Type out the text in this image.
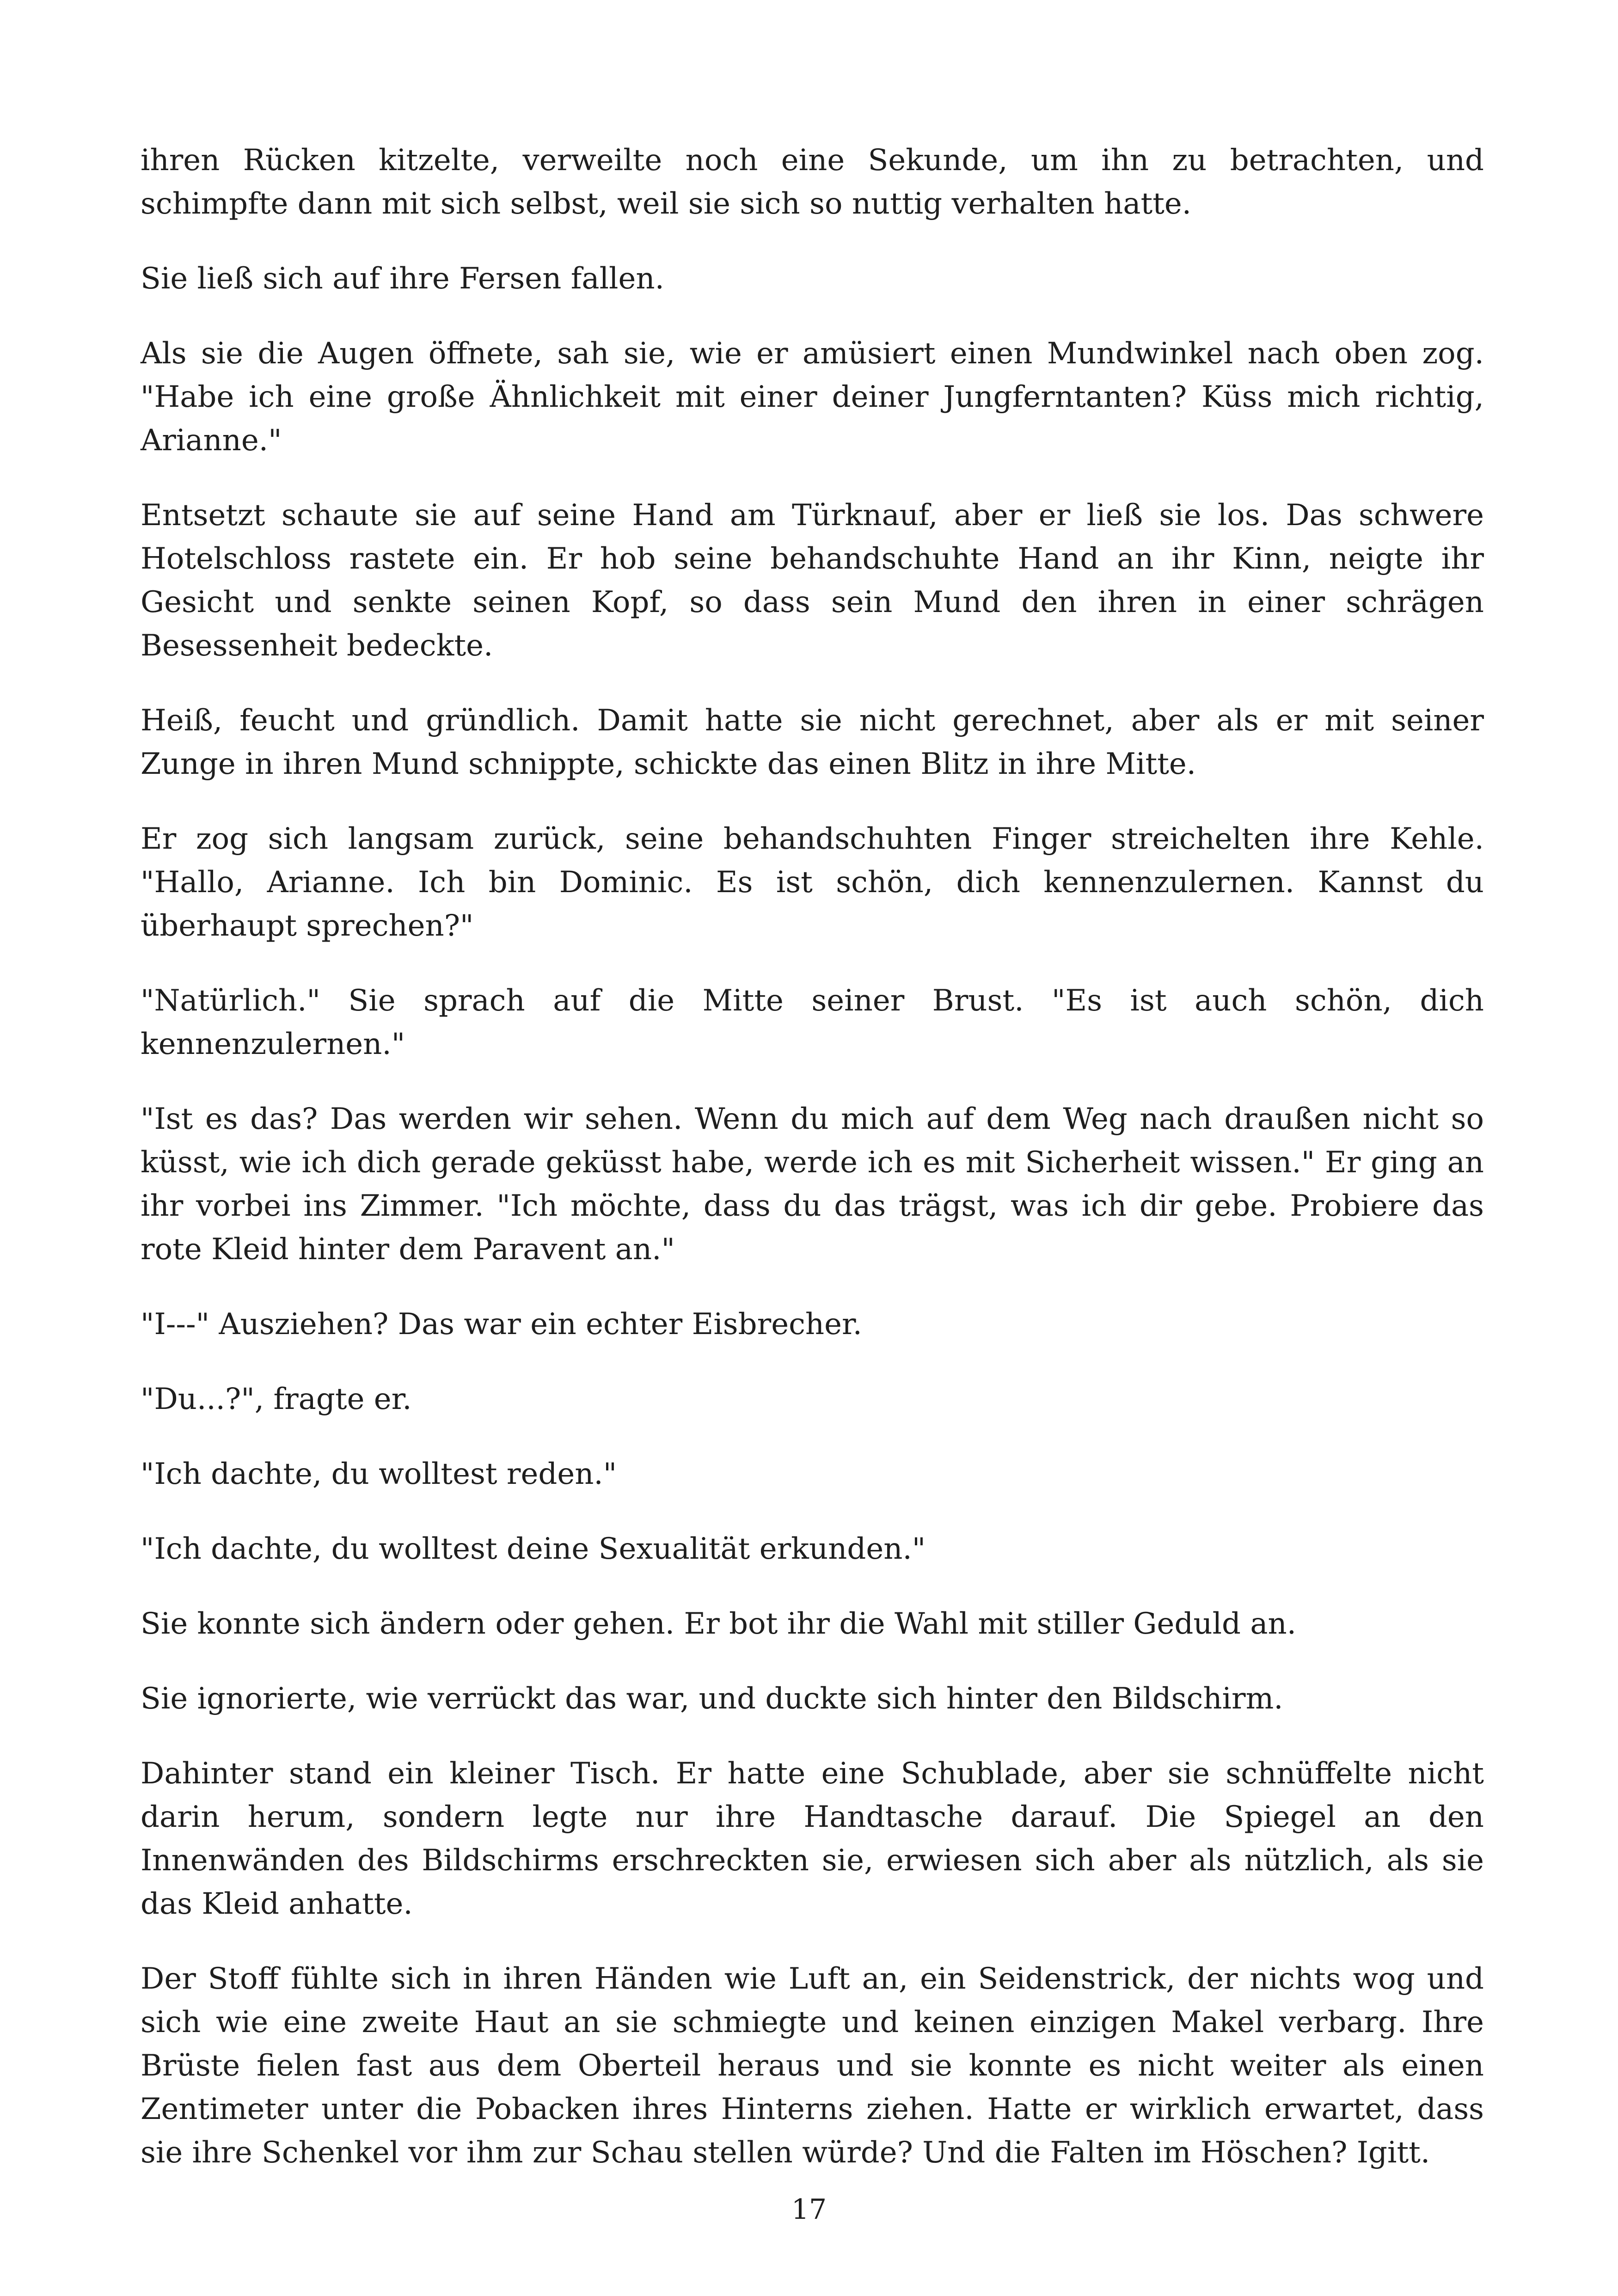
ihren Rücken kitzelte, verweilte noch eine Sekunde, um ihn zu betrachten, und schimpfte dann mit sich selbst, weil sie sich so nuttig verhalten hatte.

Sie ließ sich auf ihre Fersen fallen.

Als sie die Augen öffnete, sah sie, wie er amüsiert einen Mundwinkel nach oben zog. "Habe ich eine große Ähnlichkeit mit einer deiner Jungferntanten? Küss mich richtig, Arianne."

Entsetzt schaute sie auf seine Hand am Türknauf, aber er ließ sie los. Das schwere Hotelschloss rastete ein. Er hob seine behandschuhte Hand an ihr Kinn, neigte ihr Gesicht und senkte seinen Kopf, so dass sein Mund den ihren in einer schrägen Besessenheit bedeckte.

Heiß, feucht und gründlich. Damit hatte sie nicht gerechnet, aber als er mit seiner Zunge in ihren Mund schnippte, schickte das einen Blitz in ihre Mitte.

Er zog sich langsam zurück, seine behandschuhten Finger streichelten ihre Kehle. "Hallo, Arianne. Ich bin Dominic. Es ist schön, dich kennenzulernen. Kannst du überhaupt sprechen?"

"Natürlich." Sie sprach auf die Mitte seiner Brust. "Es ist auch schön, dich kennenzulernen."

"Ist es das? Das werden wir sehen. Wenn du mich auf dem Weg nach draußen nicht so küsst, wie ich dich gerade geküsst habe, werde ich es mit Sicherheit wissen." Er ging an ihr vorbei ins Zimmer. "Ich möchte, dass du das trägst, was ich dir gebe. Probiere das rote Kleid hinter dem Paravent an."

"I---" Ausziehen? Das war ein echter Eisbrecher.

"Du...?", fragte er.

"Ich dachte, du wolltest reden."

"Ich dachte, du wolltest deine Sexualität erkunden."

Sie konnte sich ändern oder gehen. Er bot ihr die Wahl mit stiller Geduld an.

Sie ignorierte, wie verrückt das war, und duckte sich hinter den Bildschirm.

Dahinter stand ein kleiner Tisch. Er hatte eine Schublade, aber sie schnüffelte nicht darin herum, sondern legte nur ihre Handtasche darauf. Die Spiegel an den Innenwänden des Bildschirms erschreckten sie, erwiesen sich aber als nützlich, als sie das Kleid anhatte.

Der Stoff fühlte sich in ihren Händen wie Luft an, ein Seidenstrick, der nichts wog und sich wie eine zweite Haut an sie schmiegte und keinen einzigen Makel verbarg. Ihre Brüste fielen fast aus dem Oberteil heraus und sie konnte es nicht weiter als einen Zentimeter unter die Pobacken ihres Hinterns ziehen. Hatte er wirklich erwartet, dass sie ihre Schenkel vor ihm zur Schau stellen würde? Und die Falten im Höschen? Igitt.

17
